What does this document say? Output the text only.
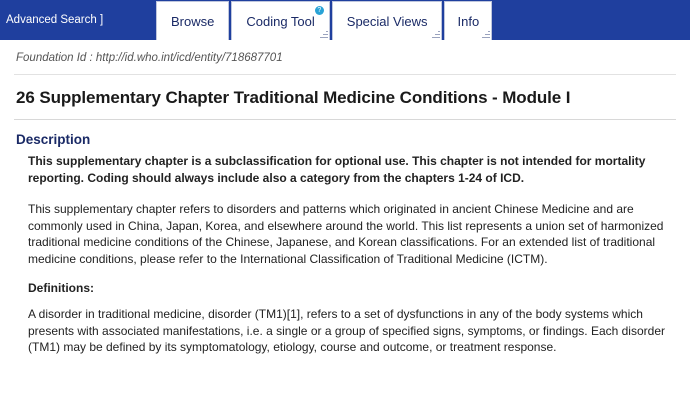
Advanced Search ]	Browse Coding Tool
?
Special Views Info
Foundation Id : http://id.who.int/icd/entity/718687701
26 Supplementary Chapter Traditional Medicine Conditions - Module I
Description

This supplementary chapter is a subclassification for optional use. This chapter is not intended for mortality reporting. Coding should always include also a category from the chapters 1-24 of ICD.

This supplementary chapter refers to disorders and patterns which originated in ancient Chinese Medicine and are commonly used in China, Japan, Korea, and elsewhere around the world. This list represents a union set of harmonized traditional medicine conditions of the Chinese, Japanese, and Korean classifications. For an extended list of traditional medicine conditions, please refer to the International Classification of Traditional Medicine (ICTM).

Definitions:

A disorder in traditional medicine, disorder (TM1)[1], refers to a set of dysfunctions in any of the body systems which presents with associated manifestations, i.e. a single or a group of specified signs, symptoms, or findings. Each disorder (TM1) may be defined by its symptomatology, etiology, course and outcome, or treatment response.
